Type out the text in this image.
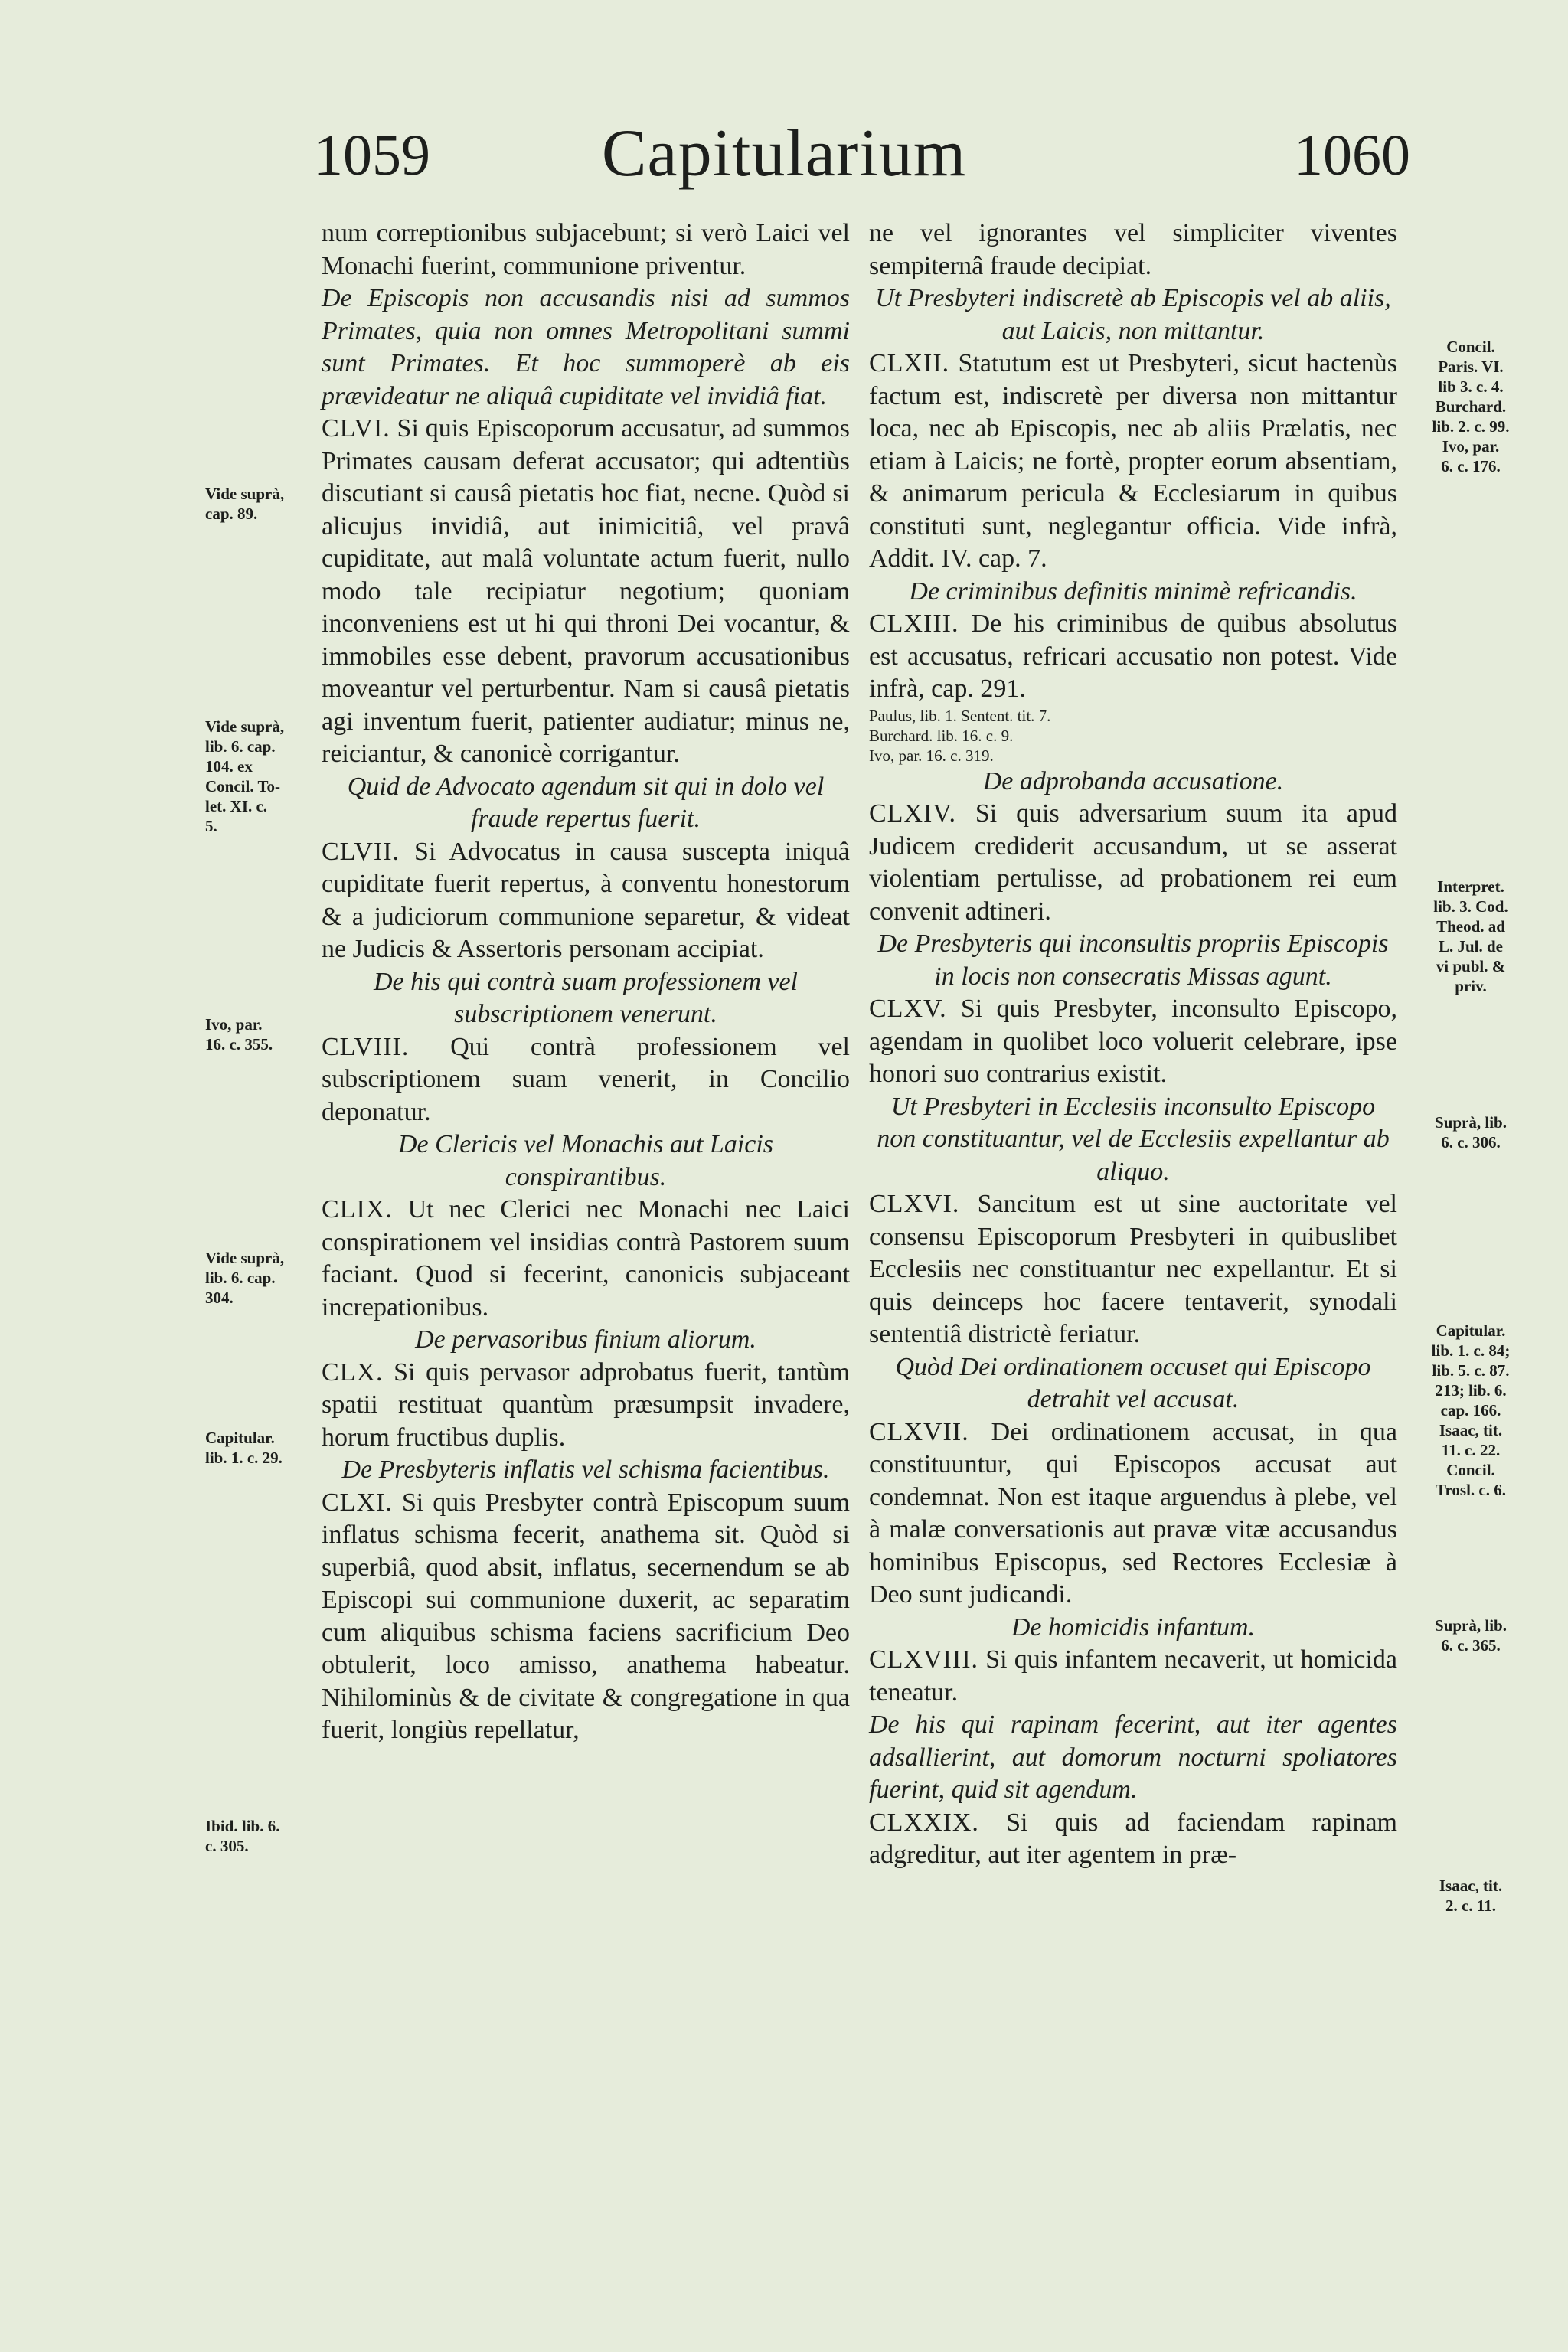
1059	Capitularium	1060

num correptionibus subjacebunt; si verò Laici vel Monachi fuerint, communione priventur.

De Episcopis non accusandis nisi ad summos Primates, quia non omnes Metropolitani summi sunt Primates. Et hoc summoperè ab eis prævideatur ne aliquâ cupiditate vel invidiâ fiat.

CLVI. Si quis Episcoporum accusatur, ad summos Primates causam deferat accusator; qui adtentiùs discutiant si causâ pietatis hoc fiat, necne. Quòd si alicujus invidiâ, aut inimicitiâ, vel pravâ cupiditate, aut malâ voluntate actum fuerit, nullo modo tale recipiatur negotium; quoniam inconveniens est ut hi qui throni Dei vocantur, & immobiles esse debent, pravorum accusationibus moveantur vel perturbentur. Nam si causâ pietatis agi inventum fuerit, patienter audiatur; minus ne, reiciantur, & canonicè corrigantur.

Quid de Advocato agendum sit qui in dolo vel fraude repertus fuerit.

CLVII. Si Advocatus in causa suscepta iniquâ cupiditate fuerit repertus, à conventu honestorum & a judiciorum communione separetur, & videat ne Judicis & Assertoris personam accipiat.

De his qui contrà suam professionem vel subscriptionem venerunt.

CLVIII. Qui contrà professionem vel subscriptionem suam venerit, in Concilio deponatur.

De Clericis vel Monachis aut Laicis conspirantibus.

CLIX. Ut nec Clerici nec Monachi nec Laici conspirationem vel insidias contrà Pastorem suum faciant. Quod si fecerint, canonicis subjaceant increpationibus.

De pervasoribus finium aliorum.

CLX. Si quis pervasor adprobatus fuerit, tantùm spatii restituat quantùm præsumpsit invadere, horum fructibus duplis.

De Presbyteris inflatis vel schisma facientibus.

CLXI. Si quis Presbyter contrà Episcopum suum inflatus schisma fecerit, anathema sit. Quòd si superbiâ, quod absit, inflatus, secernendum se ab Episcopi sui communione duxerit, ac separatim cum aliquibus schisma faciens sacrificium Deo obtulerit, loco amisso, anathema habeatur. Nihilominùs & de civitate & congregatione in qua fuerit, longiùs repellatur,

ne vel ignorantes vel simpliciter viventes sempiternâ fraude decipiat.

Ut Presbyteri indiscretè ab Episcopis vel ab aliis, aut Laicis, non mittantur.

CLXII. Statutum est ut Presbyteri, sicut hactenùs factum est, indiscretè per diversa non mittantur loca, nec ab Episcopis, nec ab aliis Prælatis, nec etiam à Laicis; ne fortè, propter eorum absentiam, & animarum pericula & Ecclesiarum in quibus constituti sunt, neglegantur officia. Vide infrà, Addit. IV. cap. 7.

De criminibus definitis minimè refricandis.

CLXIII. De his criminibus de quibus absolutus est accusatus, refricari accusatio non potest. Vide infrà, cap. 291.

Paulus, lib. 1. Sentent. tit. 7.
Burchard. lib. 16. c. 9.
Ivo, par. 16. c. 319.

De adprobanda accusatione.

CLXIV. Si quis adversarium suum ita apud Judicem crediderit accusandum, ut se asserat violentiam pertulisse, ad probationem rei eum convenit adtineri.

De Presbyteris qui inconsultis propriis Episcopis in locis non consecratis Missas agunt.

CLXV. Si quis Presbyter, inconsulto Episcopo, agendam in quolibet loco voluerit celebrare, ipse honori suo contrarius existit.

Ut Presbyteri in Ecclesiis inconsulto Episcopo non constituantur, vel de Ecclesiis expellantur ab aliquo.

CLXVI. Sancitum est ut sine auctoritate vel consensu Episcoporum Presbyteri in quibuslibet Ecclesiis nec constituantur nec expellantur. Et si quis deinceps hoc facere tentaverit, synodali sententiâ districtè feriatur.

Quòd Dei ordinationem occuset qui Episcopo detrahit vel accusat.

CLXVII. Dei ordinationem accusat, in qua constituuntur, qui Episcopos accusat aut condemnat. Non est itaque arguendus à plebe, vel à malæ conversationis aut pravæ vitæ accusandus hominibus Episcopus, sed Rectores Ecclesiæ à Deo sunt judicandi.

De homicidis infantum.

CLXVIII. Si quis infantem necaverit, ut homicida teneatur.

De his qui rapinam fecerint, aut iter agentes adsallierint, aut domorum nocturni spoliatores fuerint, quid sit agendum.

CLXXIX. Si quis ad faciendam rapinam adgreditur, aut iter agentem in præ-

Vide suprà,
cap. 89.
Vide suprà,
lib. 6. cap.
104. ex
Concil. To-
let. XI. c.
5.
Ivo, par.
16. c. 355.
Vide suprà,
lib. 6. cap.
304.
Capitular.
lib. 1. c. 29.
Ibid. lib. 6.
c. 305.
Concil.
Paris. VI.
lib 3. c. 4.
Burchard.
lib. 2. c. 99.
Ivo, par.
6. c. 176.
Interpret.
lib. 3. Cod.
Theod. ad
L. Jul. de
vi publ. &
priv.
Suprà, lib.
6. c. 306.
Capitular.
lib. 1. c. 84;
lib. 5. c. 87.
213; lib. 6.
cap. 166.
Isaac, tit.
11. c. 22.
Concil.
Trosl. c. 6.
Suprà, lib.
6. c. 365.
Isaac, tit.
2. c. 11.
